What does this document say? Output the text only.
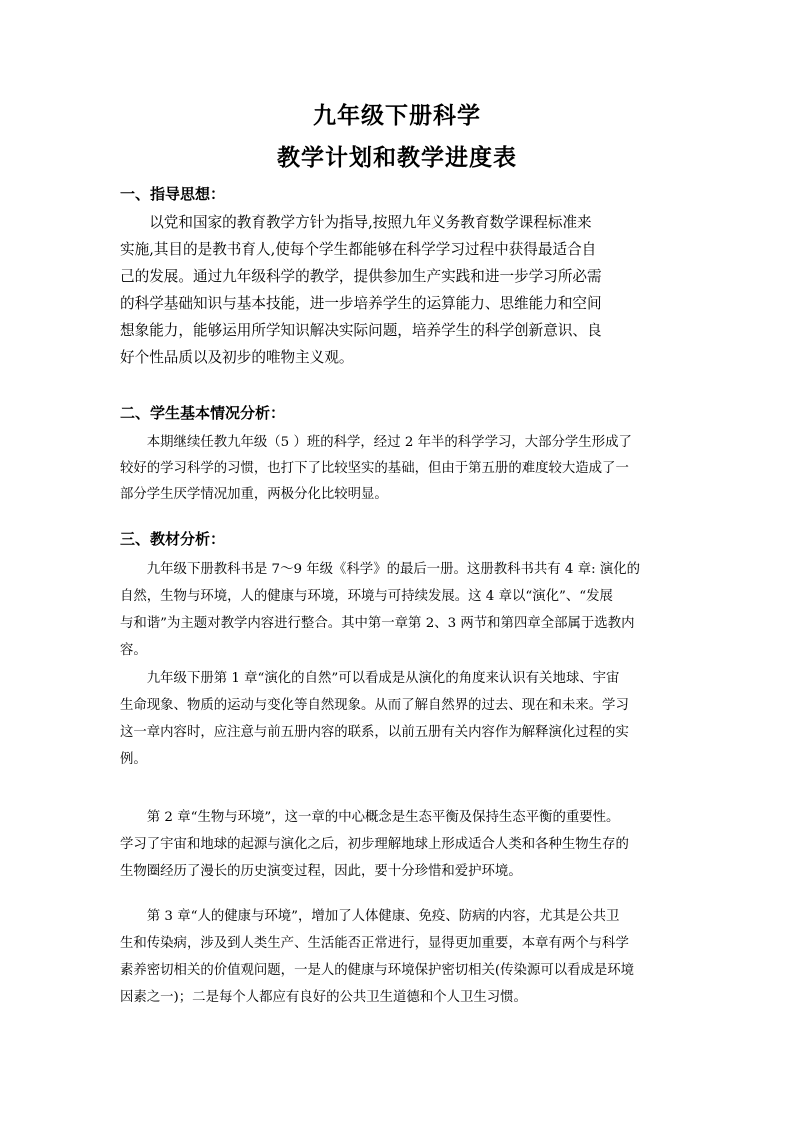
九年级下册科学
教学计划和教学进度表
一、指导思想：
　　以党和国家的教育教学方针为指导,按照九年义务教育数学课程标准来
实施,其目的是教书育人,使每个学生都能够在科学学习过程中获得最适合自
己的发展。通过九年级科学的教学，提供参加生产实践和进一步学习所必需
的科学基础知识与基本技能，进一步培养学生的运算能力、思维能力和空间
想象能力，能够运用所学知识解决实际问题，培养学生的科学创新意识、良
好个性品质以及初步的唯物主义观。
二、学生基本情况分析：
　　本期继续任教九年级（5 ）班的科学，经过 2 年半的科学学习，大部分学生形成了
较好的学习科学的习惯，也打下了比较坚实的基础，但由于第五册的难度较大造成了一
部分学生厌学情况加重，两极分化比较明显。
三、教材分析：
　　九年级下册教科书是 7～9 年级《科学》的最后一册。这册教科书共有 4 章: 演化的
自然，生物与环境，人的健康与环境，环境与可持续发展。这 4 章以“演化”、“发展
与和谐”为主题对教学内容进行整合。其中第一章第 2、3 两节和第四章全部属于选教内
容。
　　九年级下册第 1 章“演化的自然”可以看成是从演化的角度来认识有关地球、宇宙
生命现象、物质的运动与变化等自然现象。从而了解自然界的过去、现在和未来。学习
这一章内容时，应注意与前五册内容的联系，以前五册有关内容作为解释演化过程的实
例。
　　第 2 章“生物与环境”，这一章的中心概念是生态平衡及保持生态平衡的重要性。
学习了宇宙和地球的起源与演化之后，初步理解地球上形成适合人类和各种生物生存的
生物圈经历了漫长的历史演变过程，因此，要十分珍惜和爱护环境。
　　第 3 章“人的健康与环境”，增加了人体健康、免疫、防病的内容，尤其是公共卫
生和传染病，涉及到人类生产、生活能否正常进行，显得更加重要，本章有两个与科学
素养密切相关的价值观问题，一是人的健康与环境保护密切相关(传染源可以看成是环境
因素之一)；二是每个人都应有良好的公共卫生道德和个人卫生习惯。
